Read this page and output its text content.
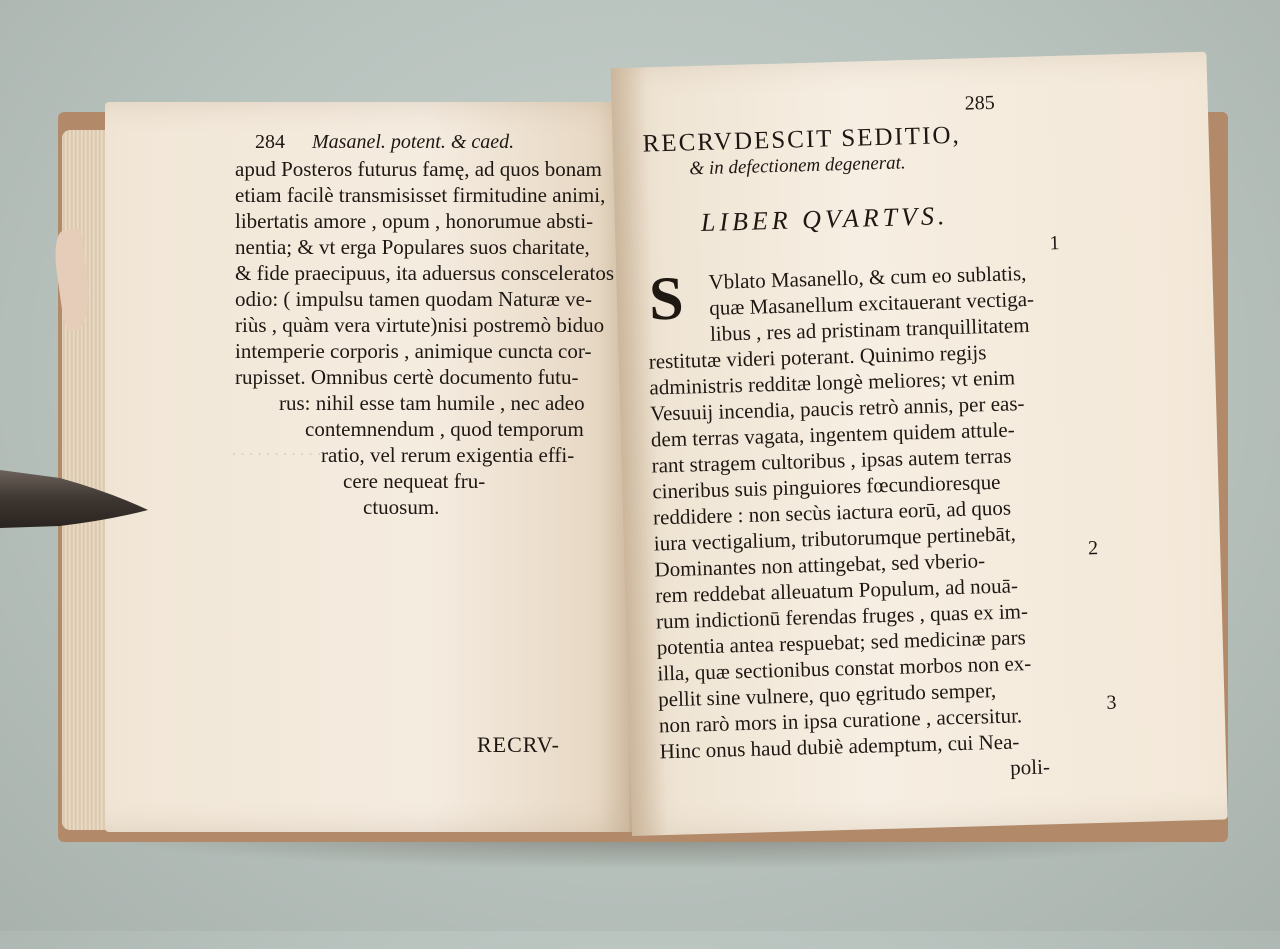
. . . . . . . . . . . . .
284 Masanel. potent. & caed.
apud Posteros futurus famę, ad quos bonam
etiam facilè transmisisset firmitudine animi,
libertatis amore , opum , honorumue absti-
nentia; & vt erga Populares suos charitate,
& fide praecipuus, ita aduersus consceleratos
odio: ( impulsu tamen quodam Naturæ ve-
riùs , quàm vera virtute)nisi postremò biduo
intemperie corporis , animique cuncta cor-
rupisset. Omnibus certè documento futu-
rus: nihil esse tam humile , nec adeo
contemnendum , quod temporum
ratio, vel rerum exigentia effi-
cere nequeat fru-
ctuosum.
RECRV-
285
RECRVDESCIT SEDITIO,
& in defectionem degenerat.
LIBER QVARTVS.
S Vblato Masanello, & cum eo sublatis,
quæ Masanellum excitauerant vectiga-
libus , res ad pristinam tranquillitatem
restitutæ videri poterant. Quinimo regijs
administris redditæ longè meliores; vt enim
Vesuuij incendia, paucis retrò annis, per eas-
dem terras vagata, ingentem quidem attule-
rant stragem cultoribus , ipsas autem terras
cineribus suis pinguiores fœcundioresque
reddidere : non secùs iactura eorū, ad quos
iura vectigalium, tributorumque pertinebāt,
Dominantes non attingebat, sed vberio-
rem reddebat alleuatum Populum, ad nouā-
rum indictionū ferendas fruges , quas ex im-
potentia antea respuebat; sed medicinæ pars
illa, quæ sectionibus constat morbos non ex-
pellit sine vulnere, quo ęgritudo semper,
non rarò mors in ipsa curatione , accersitur.
Hinc onus haud dubiè ademptum, cui Nea-
poli-
1
2
3
